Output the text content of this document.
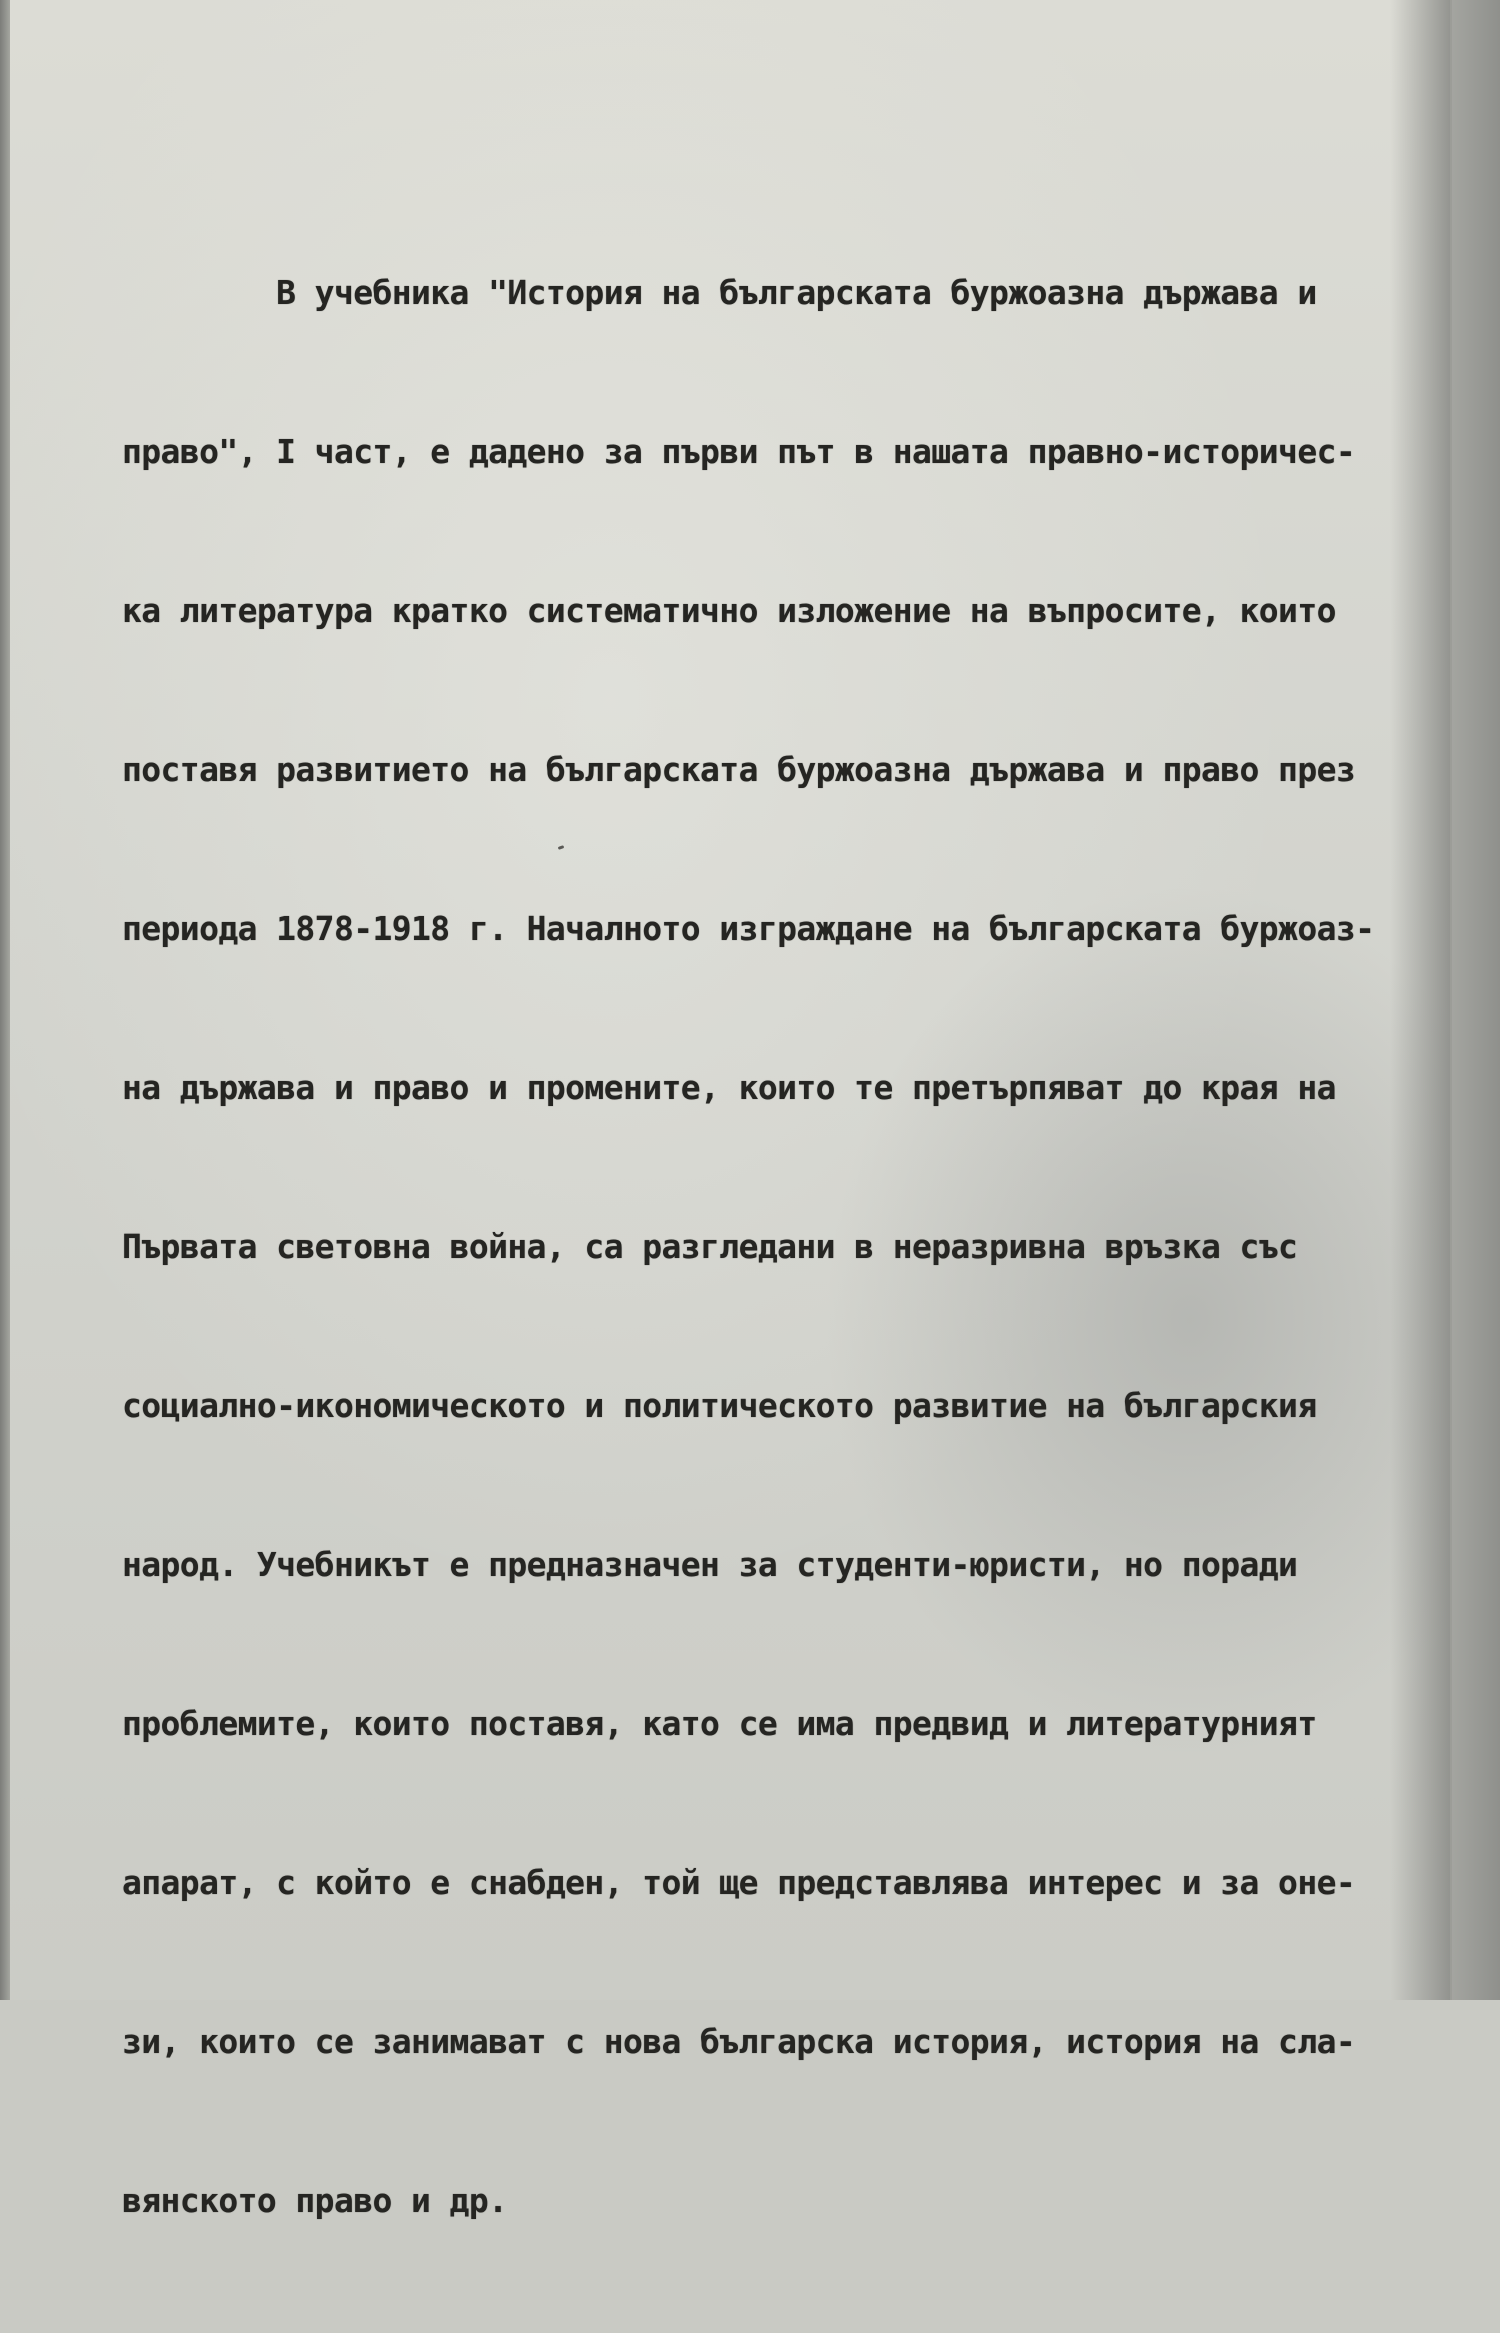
В учебника "История на българската буржоазна държава и

право", I част, е дадено за първи път в нашата правно-историчес-

ка литература кратко систематично изложение на въпросите, които

поставя развитието на българската буржоазна държава и право през

периода 1878-1918 г. Началното изграждане на българската буржоаз-

на държава и право и промените, които те претърпяват до края на

Първата световна война, са разгледани в неразривна връзка със

социално-икономическото и политическото развитие на българския

народ. Учебникът е предназначен за студенти-юристи, но поради

проблемите, които поставя, като се има предвид и литературният

апарат, с който е снабден, той ще представлява интерес и за оне-

зи, които се занимават с нова българска история, история на сла-

вянското право и др.
